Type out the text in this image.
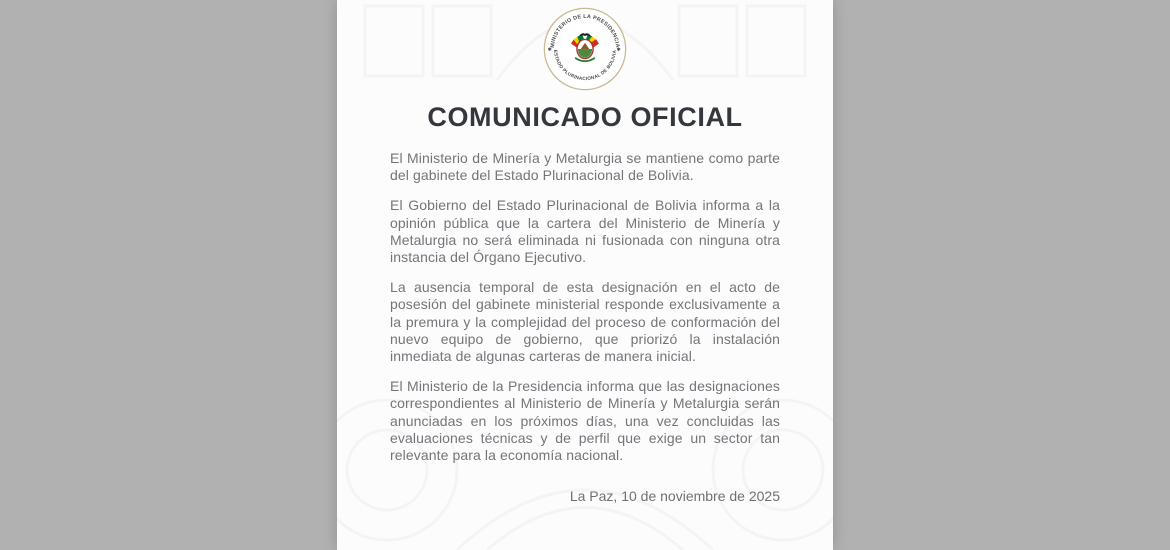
MINISTERIO DE LA PRESIDENCIA
ESTADO PLURINACIONAL DE BOLIVIA
✱	✱
COMUNICADO OFICIAL

El Ministerio de Minería y Metalurgia se mantiene como parte del gabinete del Estado Plurinacional de Bolivia.

El Gobierno del Estado Plurinacional de Bolivia informa a la opinión pública que la cartera del Ministerio de Minería y Metalurgia no será eliminada ni fusionada con ninguna otra instancia del Órgano Ejecutivo.

La ausencia temporal de esta designación en el acto de posesión del gabinete ministerial responde exclusivamente a la premura y la complejidad del proceso de conformación del nuevo equipo de gobierno, que priorizó la instalación inmediata de algunas carteras de manera inicial.

El Ministerio de la Presidencia informa que las designaciones correspondientes al Ministerio de Minería y Metalurgia serán anunciadas en los próximos días, una vez concluidas las evaluaciones técnicas y de perfil que exige un sector tan relevante para la economía nacional.

La Paz, 10 de noviembre de 2025
